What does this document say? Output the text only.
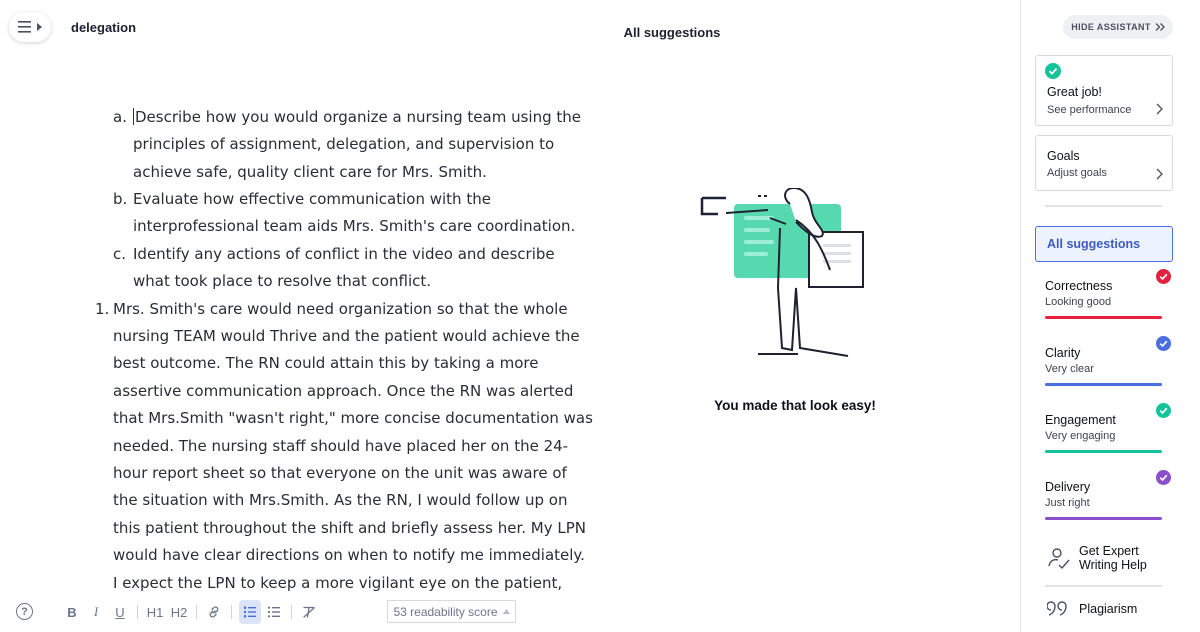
delegation
a. Describe how you would organize a nursing team using the
principles of assignment, delegation, and supervision to
achieve safe, quality client care for Mrs. Smith.
b. Evaluate how effective communication with the
interprofessional team aids Mrs. Smith's care coordination.
c. Identify any actions of conflict in the video and describe
what took place to resolve that conflict.
1. Mrs. Smith's care would need organization so that the whole
nursing TEAM would Thrive and the patient would achieve the
best outcome. The RN could attain this by taking a more
assertive communication approach. Once the RN was alerted
that Mrs.Smith "wasn't right," more concise documentation was
needed. The nursing staff should have placed her on the 24-
hour report sheet so that everyone on the unit was aware of
the situation with Mrs.Smith. As the RN, I would follow up on
this patient throughout the shift and briefly assess her. My LPN
would have clear directions on when to notify me immediately.
I expect the LPN to keep a more vigilant eye on the patient,
?	B	I	U H1 H2	53 readability score
All suggestions
You made that look easy!
HIDE ASSISTANT
Great job!
See performance
Goals
Adjust goals
All suggestions
Correctness
Looking good
Clarity
Very clear
Engagement
Very engaging
Delivery
Just right
Get Expert
Writing Help
Plagiarism
